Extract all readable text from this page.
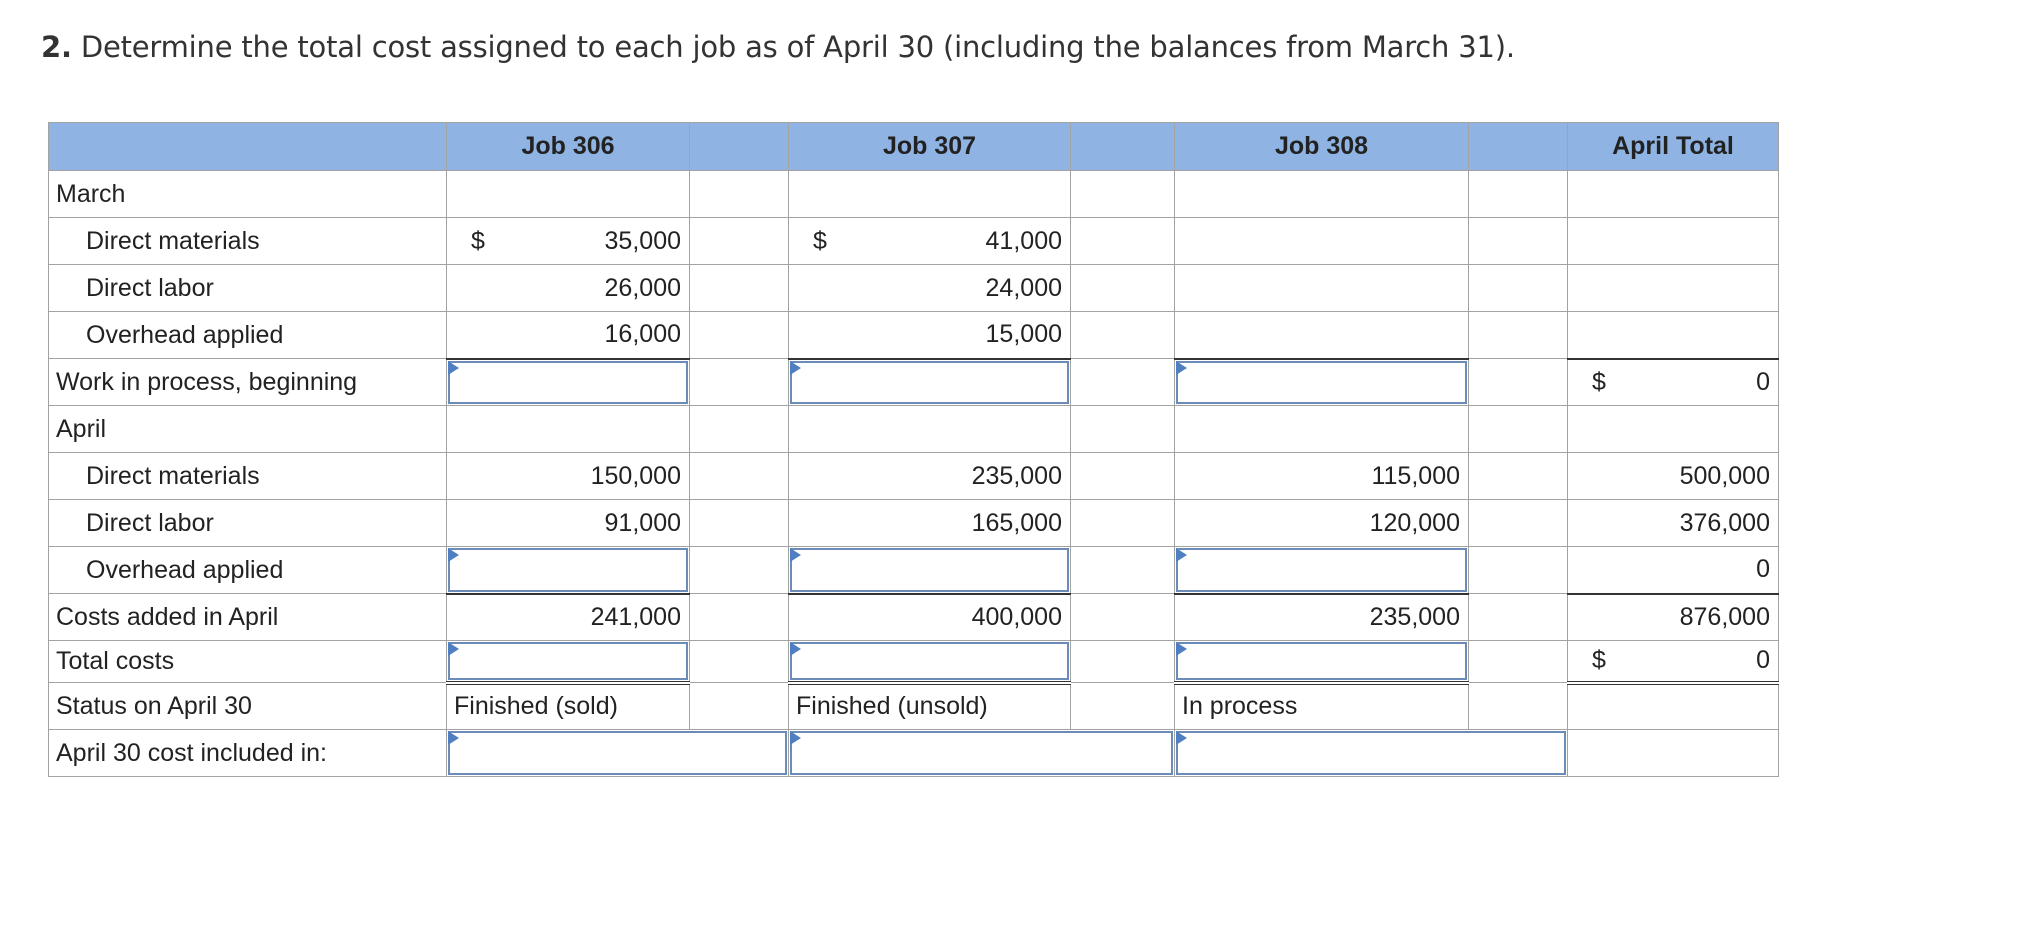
2. Determine the total cost assigned to each job as of April 30 (including the balances from March 31).
	Job 306		Job 307		Job 308		April Total
March							
Direct materials	$ 35,000		$ 41,000				

Direct labor	26,000		24,000				

Overhead applied	16,000		15,000				

Work in process, beginning							$ 0

April							
Direct materials	150,000		235,000		115,000		500,000

Direct labor	91,000		165,000		120,000		376,000

Overhead applied							0

Costs added in April	241,000		400,000		235,000		876,000

Total costs							$ 0

Status on April 30	Finished (sold)		Finished (unsold)		In process		

April 30 cost included in:				
